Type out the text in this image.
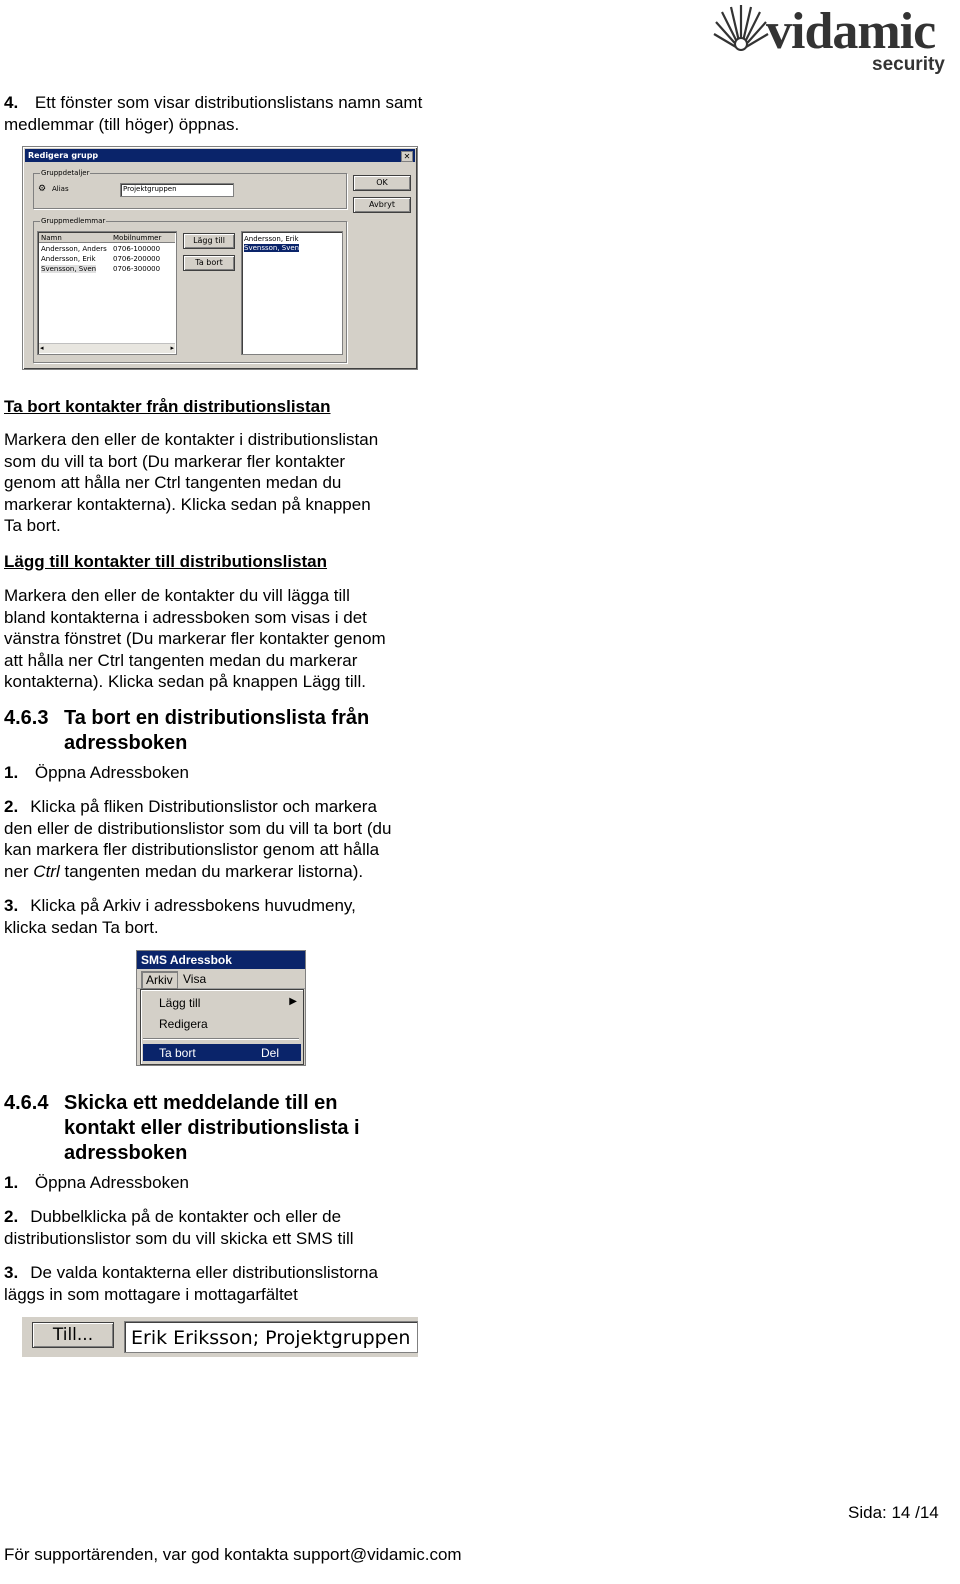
vidamic
security
4. Ett fönster som visar distributionslistans namn samt medlemmar (till höger) öppnas.
Redigera grupp	✕
Gruppdetaljer
⚙ Alias	Projektgruppen
OK
Avbryt
Gruppmedlemmar
Namn	Mobilnummer
Andersson, Anders 0706-100000
Andersson, Erik 0706-200000
Svensson, Sven 0706-300000
◂	▸
Lägg till
Ta bort
Andersson, Erik
Svensson, Sven
Ta bort kontakter från distributionslistan

Markera den eller de kontakter i distributionslistan

som du vill ta bort (Du markerar fler kontakter

genom att hålla ner Ctrl tangenten medan du

markerar kontakterna). Klicka sedan på knappen

Ta bort.

Lägg till kontakter till distributionslistan

Markera den eller de kontakter du vill lägga till

bland kontakterna i adressboken som visas i det

vänstra fönstret (Du markerar fler kontakter genom

att hålla ner Ctrl tangenten medan du markerar

kontakterna). Klicka sedan på knappen Lägg till.

4.6.3 Ta bort en distributionslista från
adressboken
1. Öppna Adressboken

2. Klicka på fliken Distributionslistor och markera

den eller de distributionslistor som du vill ta bort (du

kan markera fler distributionslistor genom att hålla

ner Ctrl tangenten medan du markerar listorna).

3. Klicka på Arkiv i adressbokens huvudmeny,

klicka sedan Ta bort.

SMS Adressbok
Arkiv Visa
Lägg till	▶
Redigera
Ta bort	Del
4.6.4 Skicka ett meddelande till en
kontakt eller distributionslista i
adressboken
1. Öppna Adressboken

2. Dubbelklicka på de kontakter och eller de

distributionslistor som du vill skicka ett SMS till

3. De valda kontakterna eller distributionslistorna

läggs in som mottagare i mottagarfältet

Till...	Erik Eriksson; Projektgruppen
Sida: 14 /14
För supportärenden, var god kontakta support@vidamic.com
